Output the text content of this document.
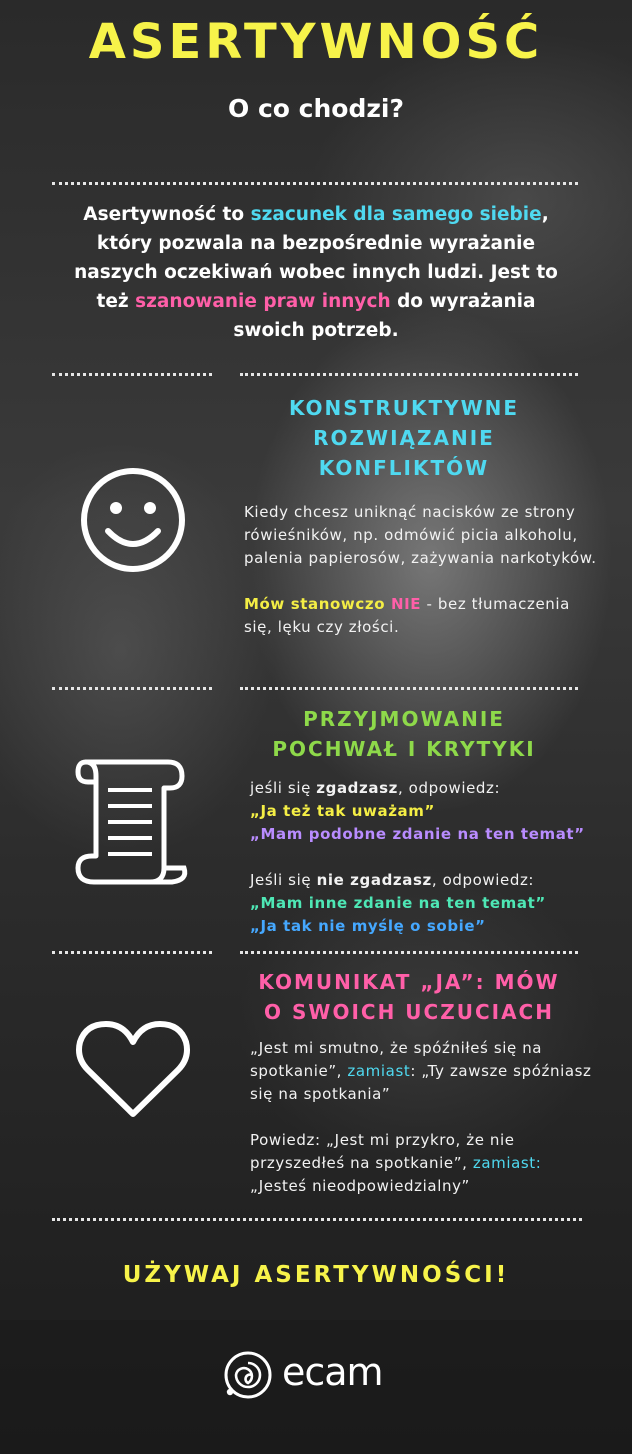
ASERTYWNOŚĆ
O co chodzi?
Asertywność to szacunek dla samego siebie, który pozwala na bezpośrednie wyrażanie naszych oczekiwań wobec innych ludzi. Jest to też szanowanie praw innych do wyrażania swoich potrzeb.
KONSTRUKTYWNE
ROZWIĄZANIE
KONFLIKTÓW

Kiedy chcesz uniknąć nacisków ze strony rówieśników, np. odmówić picia alkoholu, palenia papierosów, zażywania narkotyków.

Mów stanowczo NIE - bez tłumaczenia się, lęku czy złości.

PRZYJMOWANIE
POCHWAŁ I KRYTYKI

jeśli się zgadzasz, odpowiedz:

„Ja też tak uważam”

„Mam podobne zdanie na ten temat”

Jeśli się nie zgadzasz, odpowiedz:

„Mam inne zdanie na ten temat”

„Ja tak nie myślę o sobie”

KOMUNIKAT „JA”: MÓW
O SWOICH UCZUCIACH

„Jest mi smutno, że spóźniłeś się na spotkanie”, zamiast: „Ty zawsze spóźniasz się na spotkania”

Powiedz: „Jest mi przykro, że nie przyszedłeś na spotkanie”, zamiast: „Jesteś nieodpowiedzialny”

UŻYWAJ ASERTYWNOŚCI!
ecam
